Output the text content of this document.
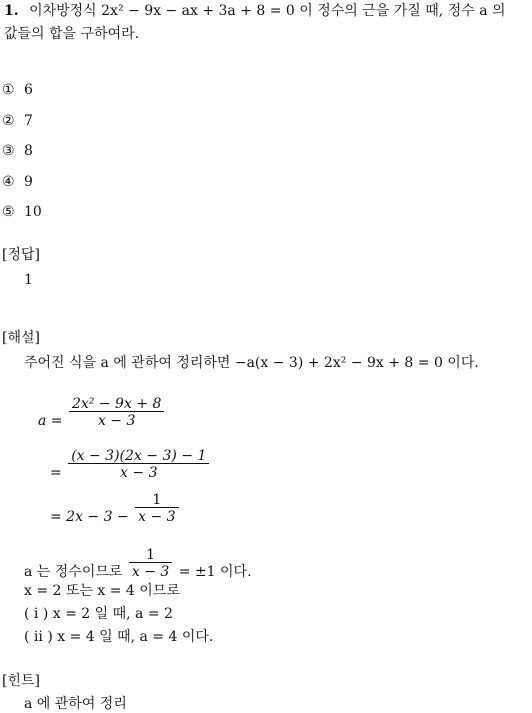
1. 이차방정식 2x² − 9x − ax + 3a + 8 = 0 이 정수의 근을 가질 때, 정수 a 의
값들의 합을 구하여라.
① 6
② 7
③ 8
④ 9
⑤ 10
[정답]
1
[해설]
주어진 식을 a 에 관하여 정리하면 −a(x − 3) + 2x² − 9x + 8 = 0 이다.
$a = \frac{\text{2x² − 9x + 8}}{x - 3}$
= $\frac{(x - 3)(2x - 3) - 1}{x - 3}$
= $2x - 3 - \frac{1}{x - 3}$
a 는 정수이므로 $\frac{1}{x - 3} = \pm 1$ 이다.
x = 2 또는 x = 4 이므로
( i ) x = 2 일 때, a = 2
( ii ) x = 4 일 때, a = 4 이다.
[힌트]
a 에 관하여 정리
